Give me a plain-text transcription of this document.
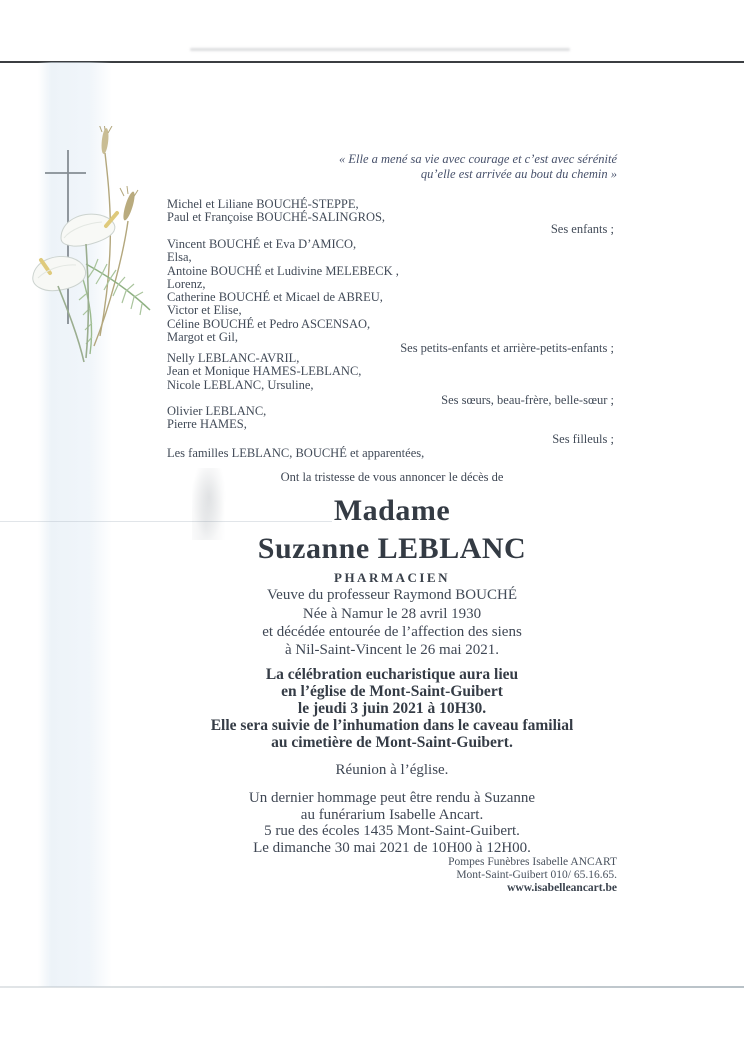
« Elle a mené sa vie avec courage et c’est avec sérénité
qu’elle est arrivée au bout du chemin »
Michel et Liliane BOUCHÉ-STEPPE,
Paul et Françoise BOUCHÉ-SALINGROS,
Ses enfants ;
Vincent BOUCHÉ et Eva D’AMICO,
Elsa,
Antoine BOUCHÉ et Ludivine MELEBECK ,
Lorenz,
Catherine BOUCHÉ et Micael de ABREU,
Victor et Elise,
Céline BOUCHÉ et Pedro ASCENSAO,
Margot et Gil,
Ses petits-enfants et arrière-petits-enfants ;
Nelly LEBLANC-AVRIL,
Jean et Monique HAMES-LEBLANC,
Nicole LEBLANC, Ursuline,
Ses sœurs, beau-frère, belle-sœur ;
Olivier LEBLANC,
Pierre HAMES,
Ses filleuls ;
Les familles LEBLANC, BOUCHÉ et apparentées,
Ont la tristesse de vous annoncer le décès de
Madame
Suzanne LEBLANC
PHARMACIEN
Veuve du professeur Raymond BOUCHÉ
Née à Namur le 28 avril 1930
et décédée entourée de l’affection des siens
à Nil-Saint-Vincent le 26 mai 2021.
La célébration eucharistique aura lieu
en l’église de Mont-Saint-Guibert
le jeudi 3 juin 2021 à 10H30.
Elle sera suivie de l’inhumation dans le caveau familial
au cimetière de Mont-Saint-Guibert.
Réunion à l’église.
Un dernier hommage peut être rendu à Suzanne
au funérarium Isabelle Ancart.
5 rue des écoles 1435 Mont-Saint-Guibert.
Le dimanche 30 mai 2021 de 10H00 à 12H00.
Pompes Funèbres Isabelle ANCART
Mont-Saint-Guibert 010/ 65.16.65.
www.isabelleancart.be
